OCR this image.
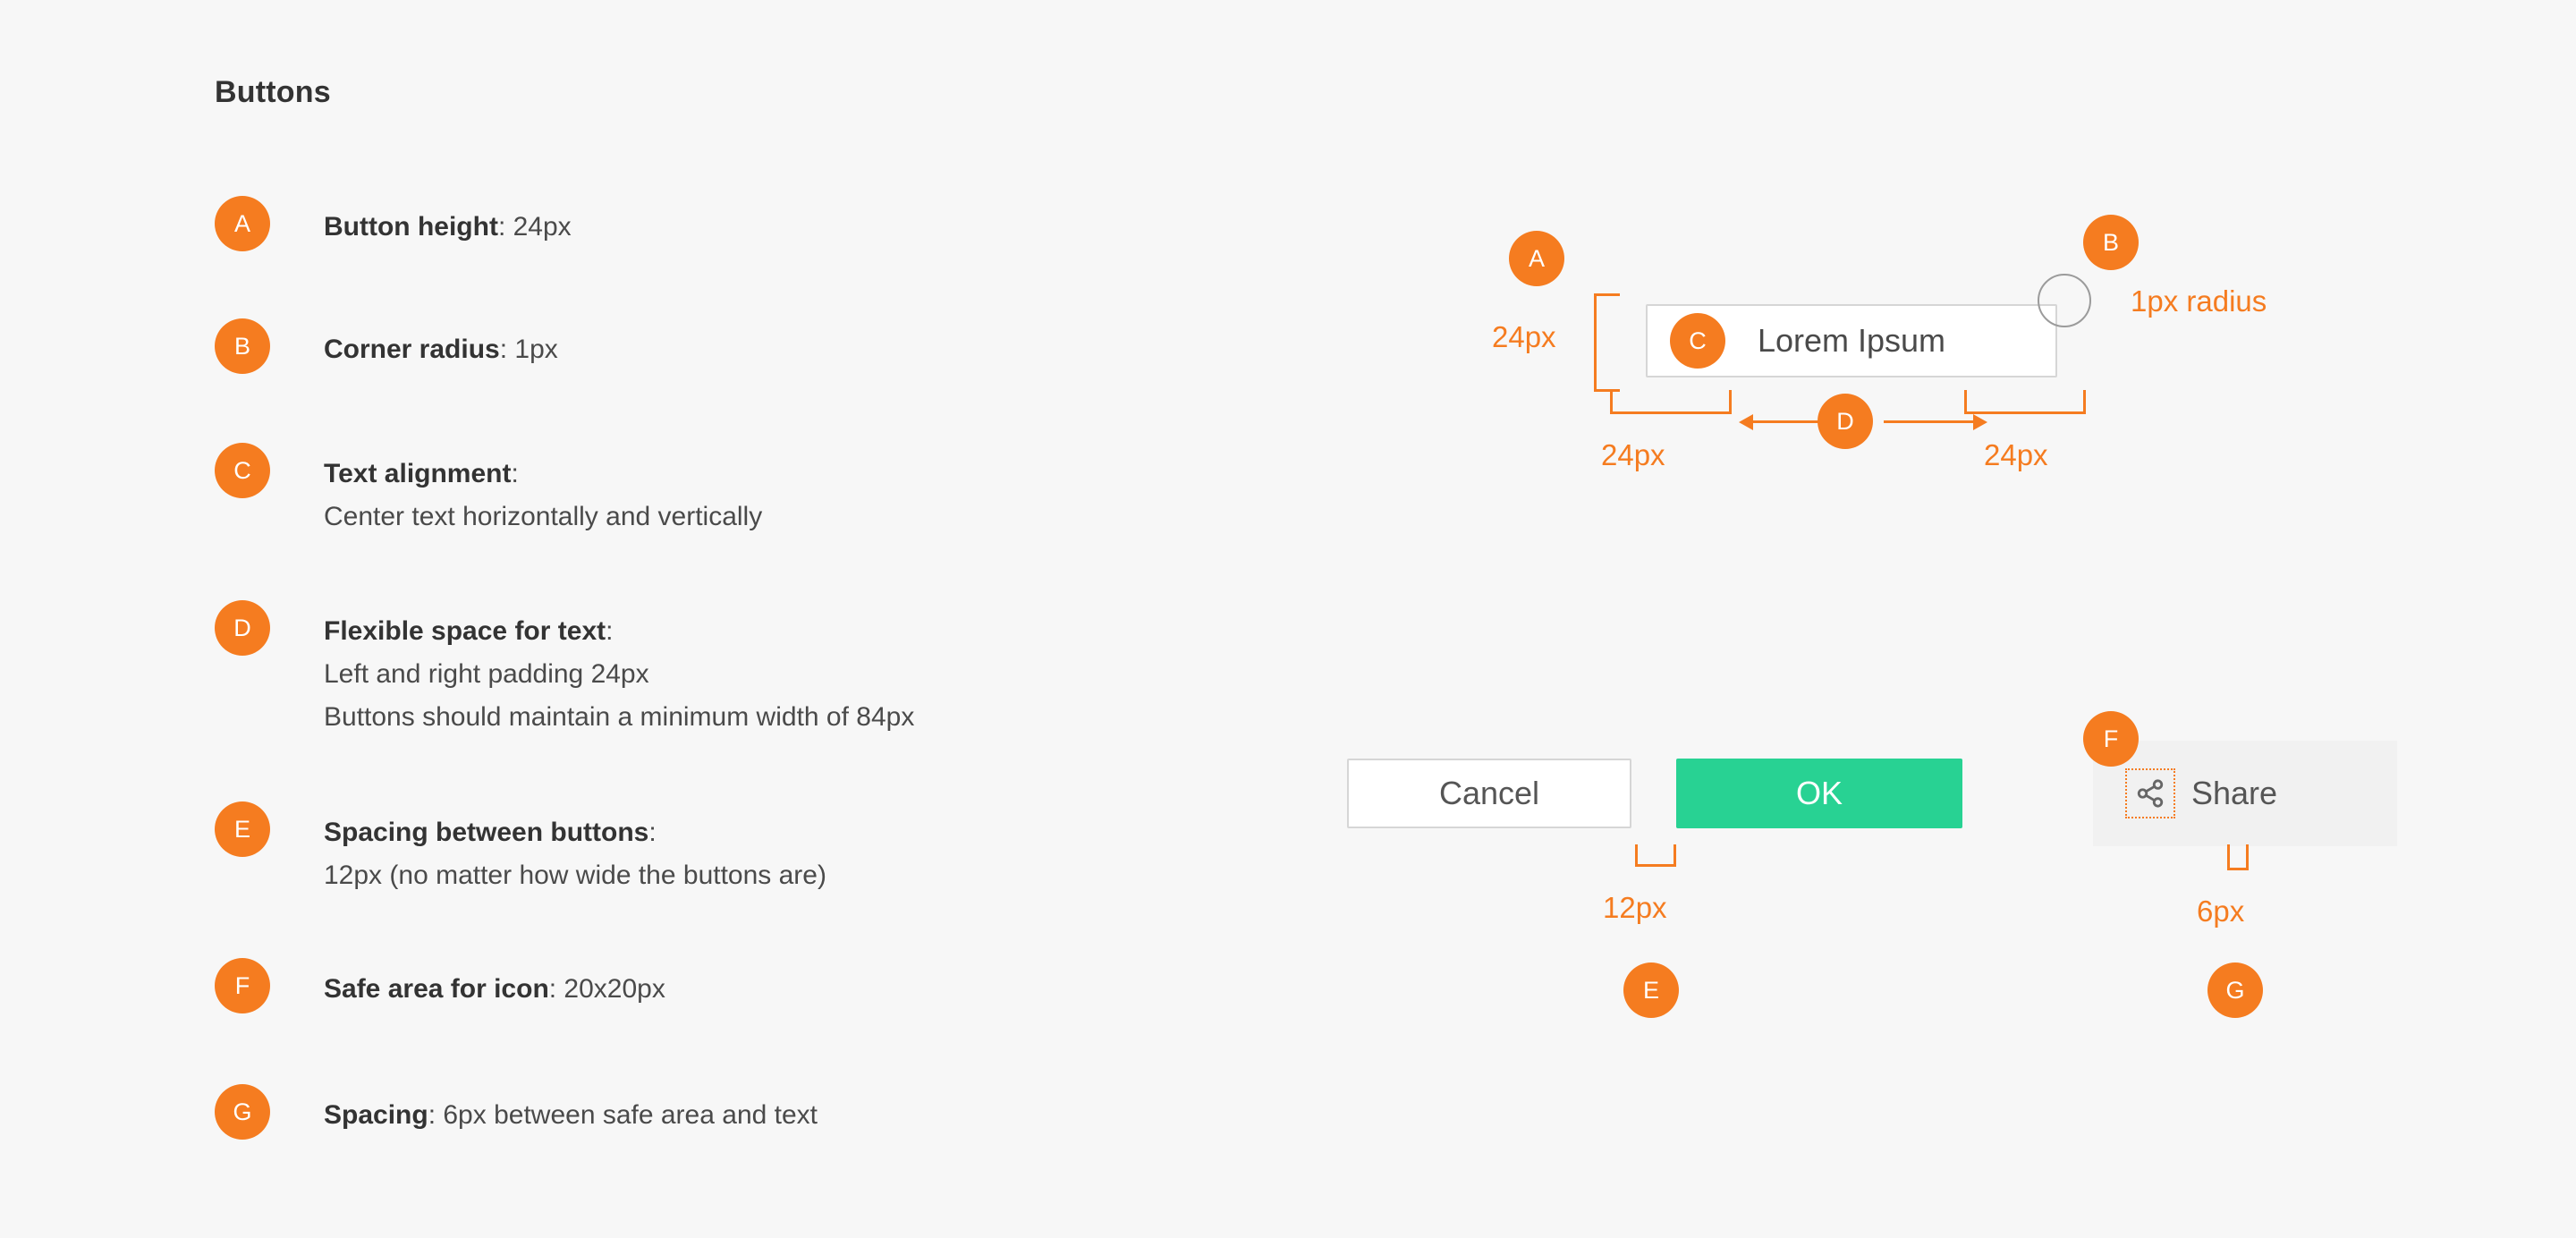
Buttons
A	Button height: 24px
B	Corner radius: 1px
C	Text alignment:
Center text horizontally and vertically
D	Flexible space for text:
Left and right padding 24px
Buttons should maintain a minimum width of 84px
E	Spacing between buttons:
12px (no matter how wide the buttons are)
F	Safe area for icon: 20x20px
G	Spacing: 6px between safe area and text
A
24px	Lorem Ipsum
C
B
1px radius
24px	24px
D
Cancel	OK
12px
E
Share
F
6px
G
